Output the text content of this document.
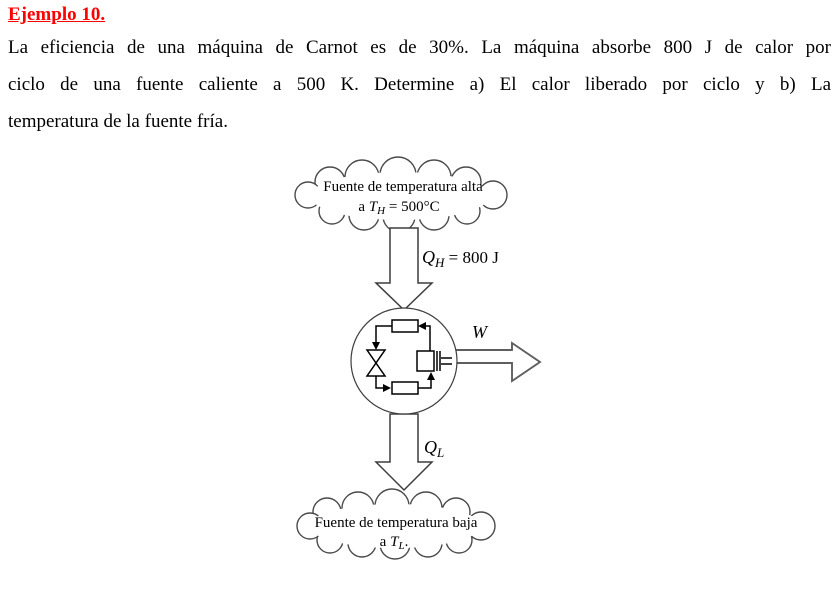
Ejemplo 10.
La eficiencia de una máquina de Carnot es de 30%. La máquina absorbe 800 J de calor por
ciclo de una fuente caliente a 500 K. Determine a) El calor liberado por ciclo y b) La
temperatura de la fuente fría.
Fuente de temperatura alta
a $T_H = 500^\circ C$
$Q_H = 800$ J
W
$Q_L$
Fuente de temperatura baja
a $T_L$.
